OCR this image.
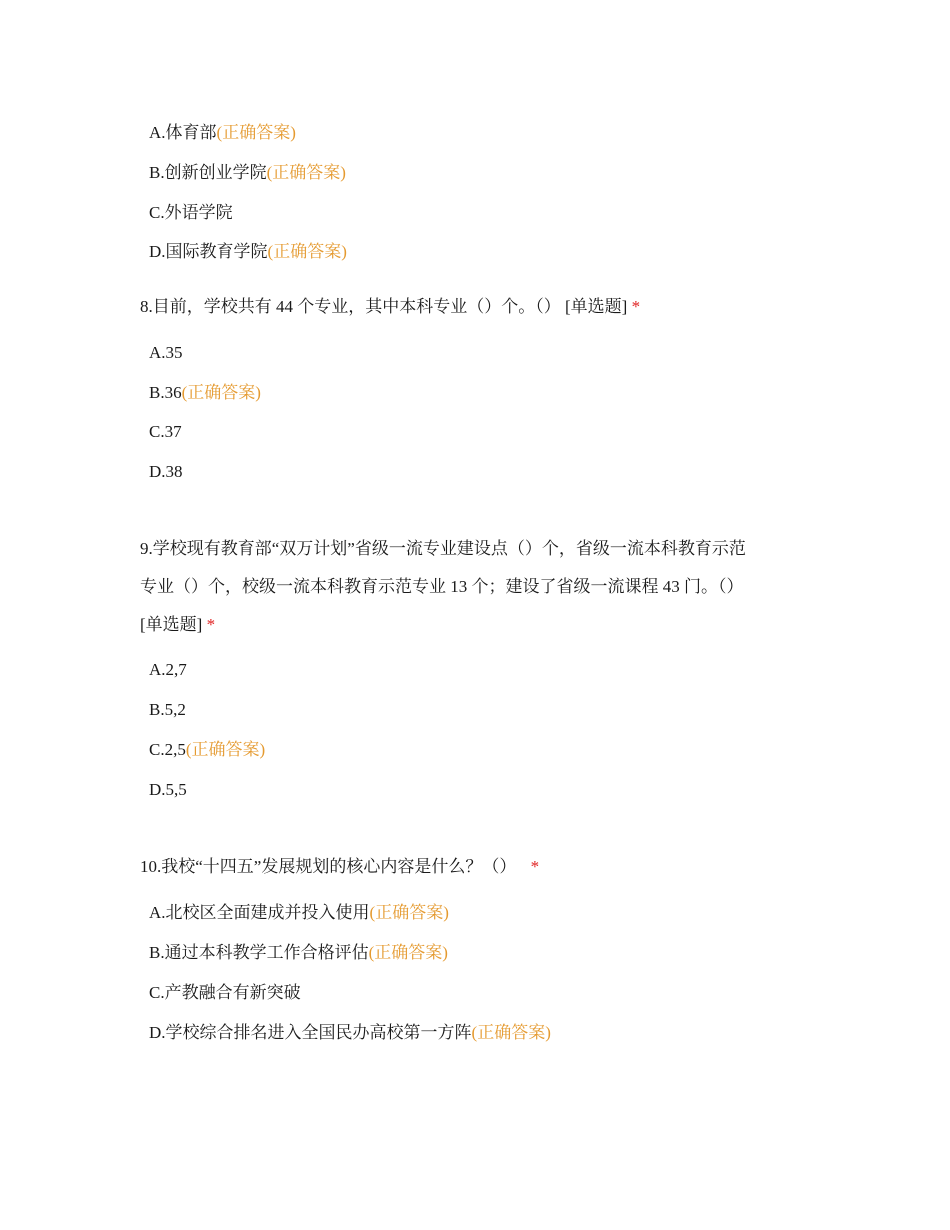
A.体育部(正确答案)
B.创新创业学院(正确答案)
C.外语学院
D.国际教育学院(正确答案)
8.目前，学校共有 44 个专业，其中本科专业（）个。（） [单选题] *
A.35
B.36(正确答案)
C.37
D.38
9.学校现有教育部“双万计划”省级一流专业建设点（）个，省级一流本科教育示范
专业（）个，校级一流本科教育示范专业 13 个；建设了省级一流课程 43 门。（）
[单选题] *
A.2,7
B.5,2
C.2,5(正确答案)
D.5,5
10.我校“十四五”发展规划的核心内容是什么？（） *
A.北校区全面建成并投入使用(正确答案)
B.通过本科教学工作合格评估(正确答案)
C.产教融合有新突破
D.学校综合排名进入全国民办高校第一方阵(正确答案)
